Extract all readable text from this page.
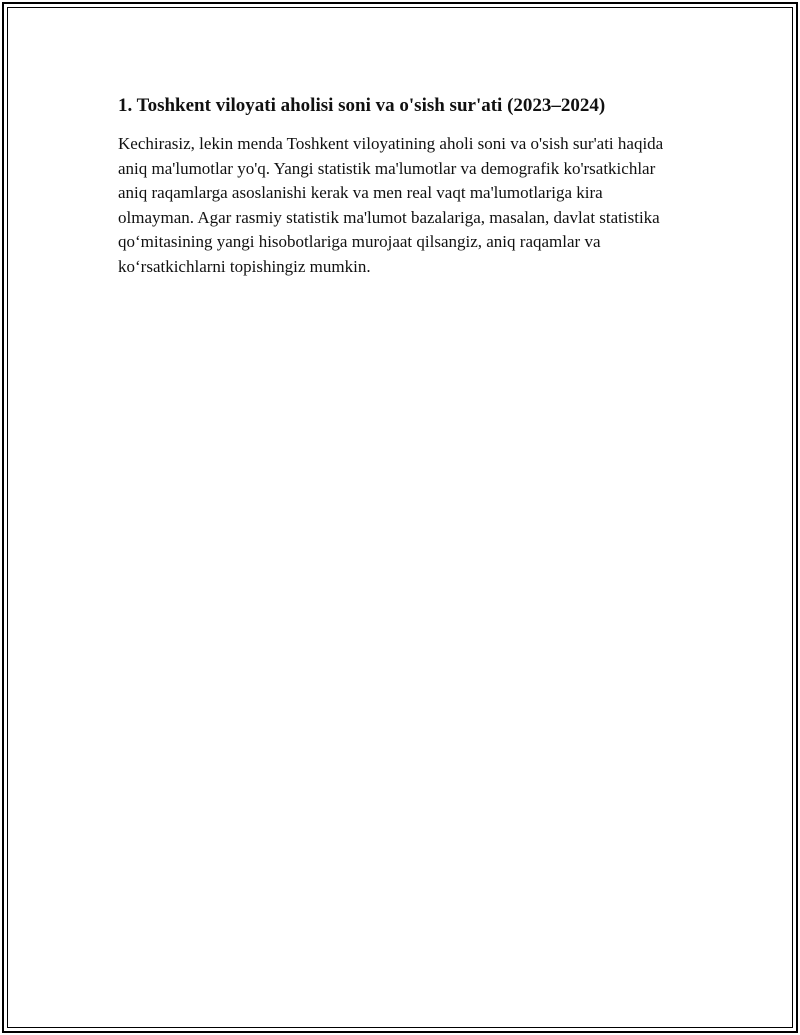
1. Toshkent viloyati aholisi soni va o'sish sur'ati (2023–2024)

Kechirasiz, lekin menda Toshkent viloyatining aholi soni va o'sish sur'ati haqida aniq ma'lumotlar yo'q. Yangi statistik ma'lumotlar va demografik ko'rsatkichlar aniq raqamlarga asoslanishi kerak va men real vaqt ma'lumotlariga kira olmayman. Agar rasmiy statistik ma'lumot bazalariga, masalan, davlat statistika qo‘mitasining yangi hisobotlariga murojaat qilsangiz, aniq raqamlar va ko‘rsatkichlarni topishingiz mumkin.
